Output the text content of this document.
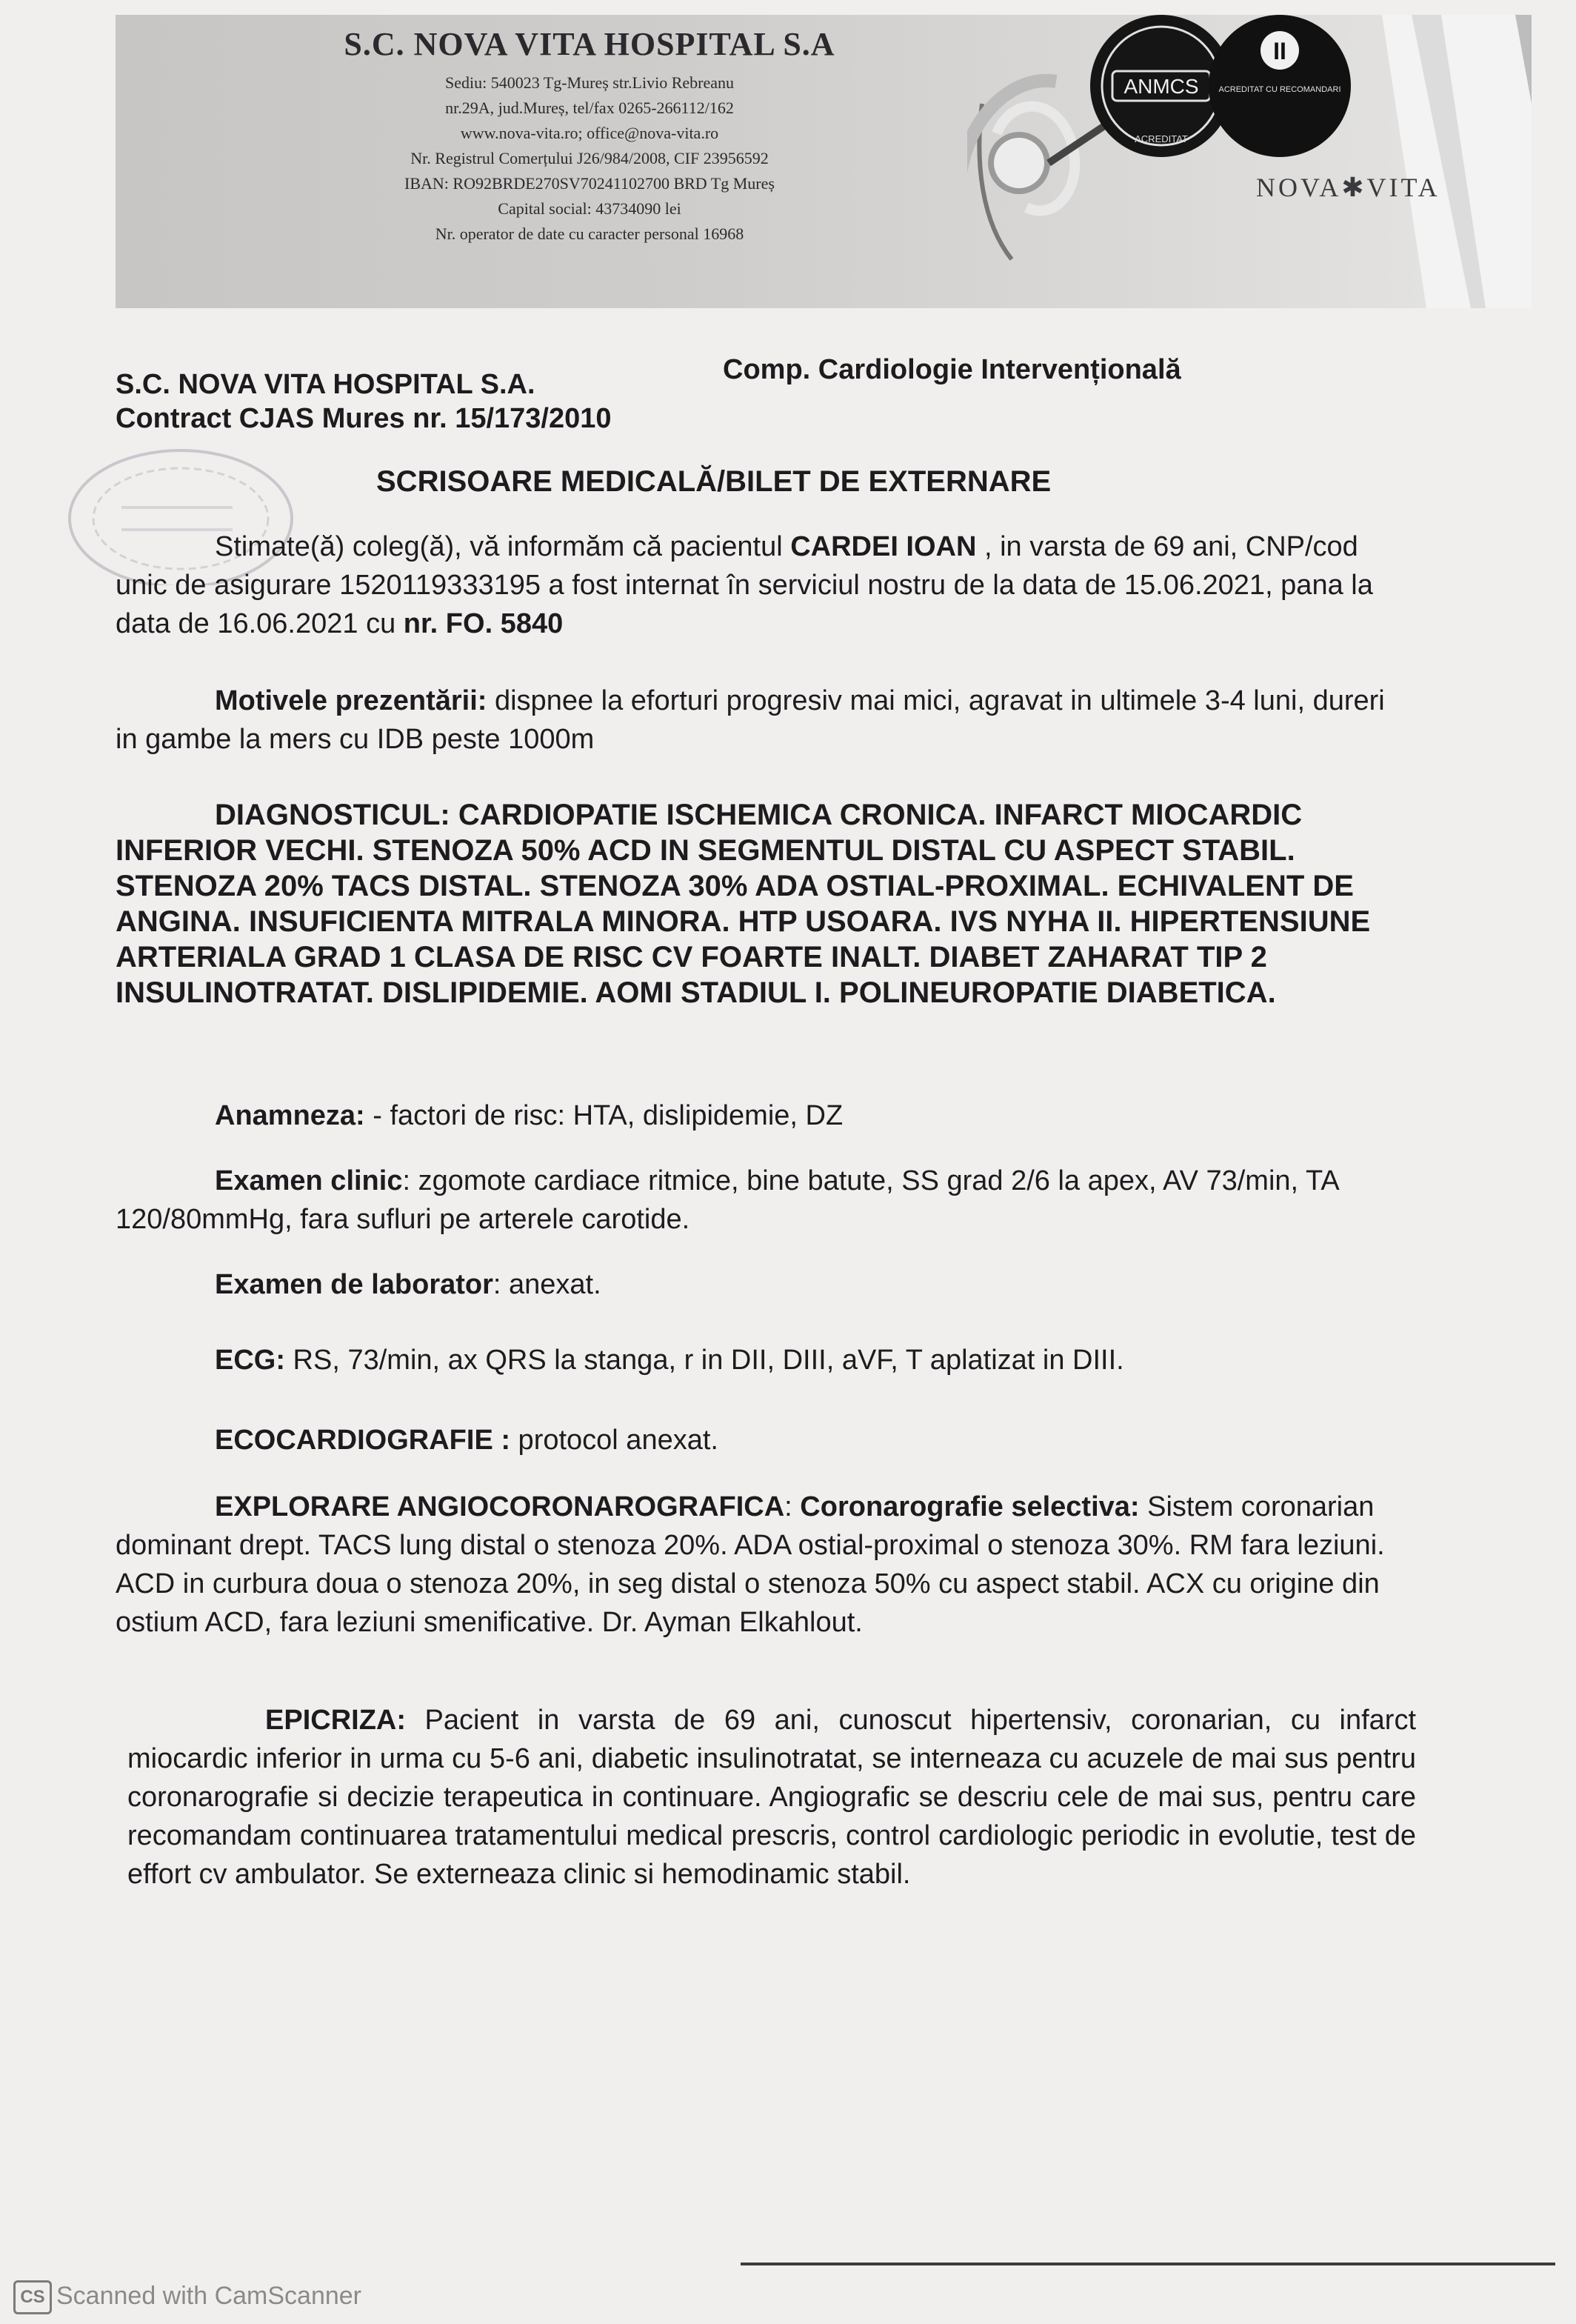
S.C. NOVA VITA HOSPITAL S.A
Sediu: 540023 Tg-Mureș str.Livio Rebreanu
nr.29A, jud.Mureș, tel/fax 0265-266112/162
www.nova-vita.ro; office@nova-vita.ro
Nr. Registrul Comerțului J26/984/2008, CIF 23956592
IBAN: RO92BRDE270SV70241102700 BRD Tg Mureș
Capital social: 43734090 lei
Nr. operator de date cu caracter personal 16968
ANMCS
ACREDITAT
II
ACREDITAT CU RECOMANDARI
NOVA✱VITA
S.C. NOVA VITA HOSPITAL S.A.
Contract CJAS Mures nr. 15/173/2010
Comp. Cardiologie Intervențională
SCRISOARE MEDICALĂ/BILET DE EXTERNARE
Stimate(ă) coleg(ă), vă informăm că pacientul CARDEI IOAN , in varsta de 69 ani, CNP/cod unic de asigurare 1520119333195 a fost internat în serviciul nostru de la data de 15.06.2021, pana la data de 16.06.2021 cu nr. FO. 5840
Motivele prezentării: dispnee la eforturi progresiv mai mici, agravat in ultimele 3-4 luni, dureri in gambe la mers cu IDB peste 1000m
DIAGNOSTICUL: CARDIOPATIE ISCHEMICA CRONICA. INFARCT MIOCARDIC INFERIOR VECHI. STENOZA 50% ACD IN SEGMENTUL DISTAL CU ASPECT STABIL. STENOZA 20% TACS DISTAL. STENOZA 30% ADA OSTIAL-PROXIMAL. ECHIVALENT DE ANGINA. INSUFICIENTA MITRALA MINORA. HTP USOARA. IVS NYHA II. HIPERTENSIUNE ARTERIALA GRAD 1 CLASA DE RISC CV FOARTE INALT. DIABET ZAHARAT TIP 2 INSULINOTRATAT. DISLIPIDEMIE. AOMI STADIUL I. POLINEUROPATIE DIABETICA.
Anamneza: - factori de risc: HTA, dislipidemie, DZ
Examen clinic: zgomote cardiace ritmice, bine batute, SS grad 2/6 la apex, AV 73/min, TA 120/80mmHg, fara sufluri pe arterele carotide.
Examen de laborator: anexat.
ECG: RS, 73/min, ax QRS la stanga, r in DII, DIII, aVF, T aplatizat in DIII.
ECOCARDIOGRAFIE : protocol anexat.
EXPLORARE ANGIOCORONAROGRAFICA: Coronarografie selectiva: Sistem coronarian dominant drept. TACS lung distal o stenoza 20%. ADA ostial-proximal o stenoza 30%. RM fara leziuni. ACD in curbura doua o stenoza 20%, in seg distal o stenoza 50% cu aspect stabil. ACX cu origine din ostium ACD, fara leziuni smenificative. Dr. Ayman Elkahlout.
EPICRIZA: Pacient in varsta de 69 ani, cunoscut hipertensiv, coronarian, cu infarct miocardic inferior in urma cu 5-6 ani, diabetic insulinotratat, se interneaza cu acuzele de mai sus pentru coronarografie si decizie terapeutica in continuare. Angiografic se descriu cele de mai sus, pentru care recomandam continuarea tratamentului medical prescris, control cardiologic periodic in evolutie, test de effort cv ambulator. Se externeaza clinic si hemodinamic stabil.
CS Scanned with CamScanner
